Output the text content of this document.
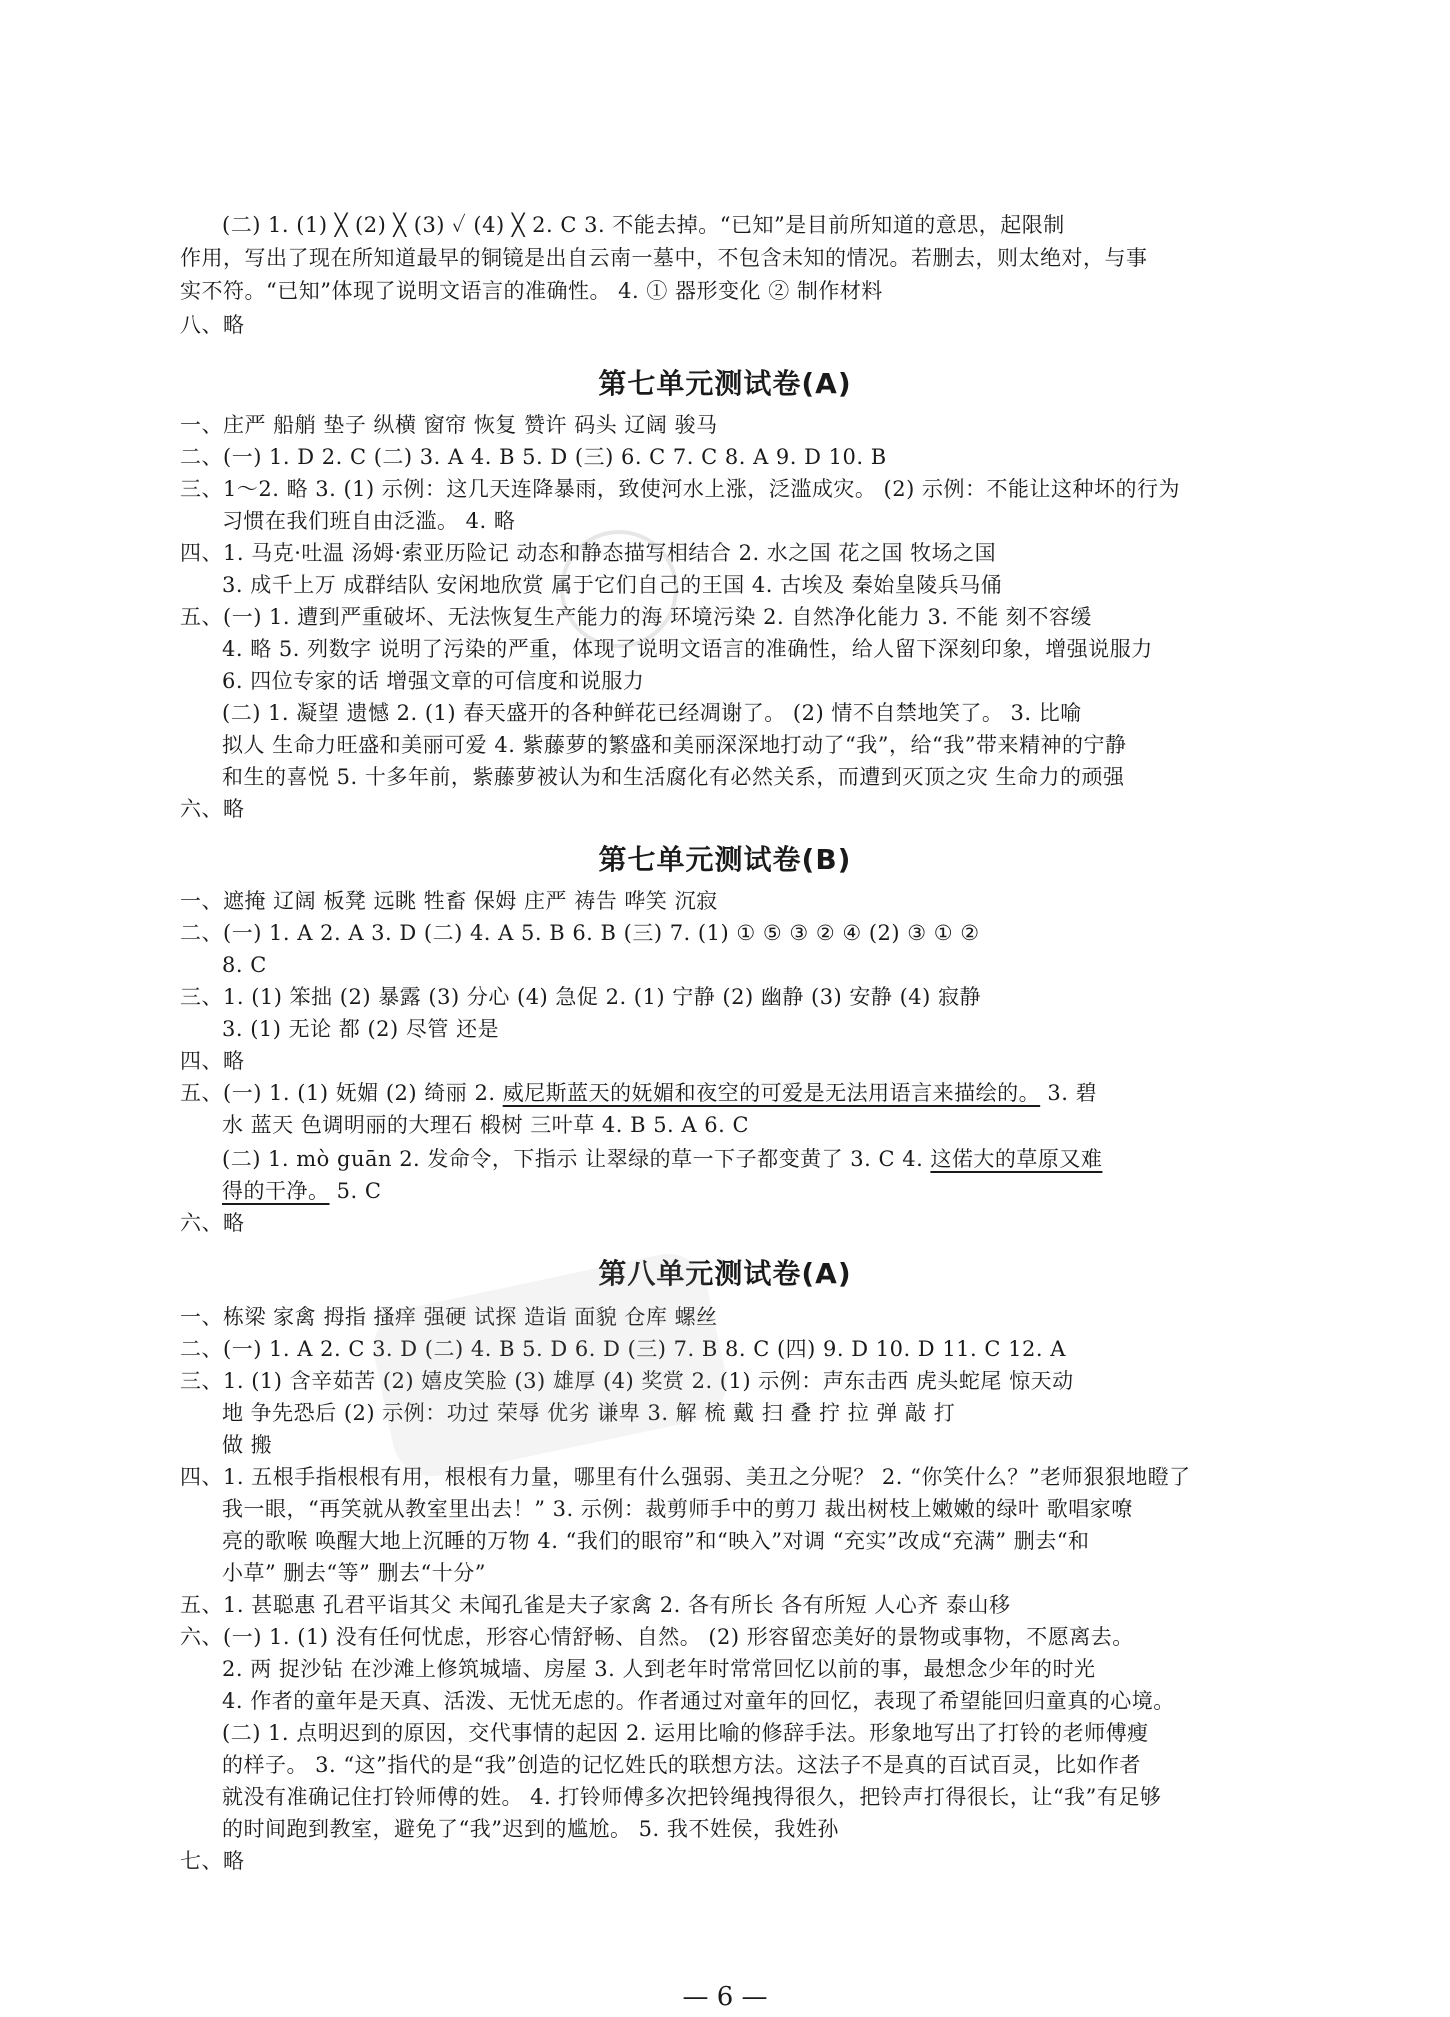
(二) 1. (1) ╳ (2) ╳ (3) ✓ (4) ╳ 2. C 3. 不能去掉。“已知”是目前所知道的意思，起限制
作用，写出了现在所知道最早的铜镜是出自云南一墓中，不包含未知的情况。若删去，则太绝对，与事
实不符。“已知”体现了说明文语言的准确性。 4. ① 器形变化 ② 制作材料
八、略
第七单元测试卷(A)
一、庄严 船艄 垫子 纵横 窗帘 恢复 赞许 码头 辽阔 骏马
二、(一) 1. D 2. C (二) 3. A 4. B 5. D (三) 6. C 7. C 8. A 9. D 10. B
三、1～2. 略 3. (1) 示例：这几天连降暴雨，致使河水上涨，泛滥成灾。 (2) 示例：不能让这种坏的行为
习惯在我们班自由泛滥。 4. 略
四、1. 马克·吐温 汤姆·索亚历险记 动态和静态描写相结合 2. 水之国 花之国 牧场之国
3. 成千上万 成群结队 安闲地欣赏 属于它们自己的王国 4. 古埃及 秦始皇陵兵马俑
五、(一) 1. 遭到严重破坏、无法恢复生产能力的海 环境污染 2. 自然净化能力 3. 不能 刻不容缓
4. 略 5. 列数字 说明了污染的严重，体现了说明文语言的准确性，给人留下深刻印象，增强说服力
6. 四位专家的话 增强文章的可信度和说服力
(二) 1. 凝望 遗憾 2. (1) 春天盛开的各种鲜花已经凋谢了。 (2) 情不自禁地笑了。 3. 比喻
拟人 生命力旺盛和美丽可爱 4. 紫藤萝的繁盛和美丽深深地打动了“我”，给“我”带来精神的宁静
和生的喜悦 5. 十多年前，紫藤萝被认为和生活腐化有必然关系，而遭到灭顶之灾 生命力的顽强
六、略
第七单元测试卷(B)
一、遮掩 辽阔 板凳 远眺 牲畜 保姆 庄严 祷告 哗笑 沉寂
二、(一) 1. A 2. A 3. D (二) 4. A 5. B 6. B (三) 7. (1) ① ⑤ ③ ② ④ (2) ③ ① ②
8. C
三、1. (1) 笨拙 (2) 暴露 (3) 分心 (4) 急促 2. (1) 宁静 (2) 幽静 (3) 安静 (4) 寂静
3. (1) 无论 都 (2) 尽管 还是
四、略
五、(一) 1. (1) 妩媚 (2) 绮丽 2. 威尼斯蓝天的妩媚和夜空的可爱是无法用语言来描绘的。 3. 碧
水 蓝天 色调明丽的大理石 椴树 三叶草 4. B 5. A 6. C
(二) 1. mò guān 2. 发命令，下指示 让翠绿的草一下子都变黄了 3. C 4. 这偌大的草原又难
得的干净。 5. C
六、略
第八单元测试卷(A)
一、栋梁 家禽 拇指 搔痒 强硬 试探 造诣 面貌 仓库 螺丝
二、(一) 1. A 2. C 3. D (二) 4. B 5. D 6. D (三) 7. B 8. C (四) 9. D 10. D 11. C 12. A
三、1. (1) 含辛茹苦 (2) 嬉皮笑脸 (3) 雄厚 (4) 奖赏 2. (1) 示例：声东击西 虎头蛇尾 惊天动
地 争先恐后 (2) 示例：功过 荣辱 优劣 谦卑 3. 解 梳 戴 扫 叠 拧 拉 弹 敲 打
做 搬
四、1. 五根手指根根有用，根根有力量，哪里有什么强弱、美丑之分呢？ 2. “你笑什么？”老师狠狠地瞪了
我一眼，“再笑就从教室里出去！” 3. 示例：裁剪师手中的剪刀 裁出树枝上嫩嫩的绿叶 歌唱家嘹
亮的歌喉 唤醒大地上沉睡的万物 4. “我们的眼帘”和“映入”对调 “充实”改成“充满” 删去“和
小草” 删去“等” 删去“十分”
五、1. 甚聪惠 孔君平诣其父 未闻孔雀是夫子家禽 2. 各有所长 各有所短 人心齐 泰山移
六、(一) 1. (1) 没有任何忧虑，形容心情舒畅、自然。 (2) 形容留恋美好的景物或事物，不愿离去。
2. 两 捉沙钻 在沙滩上修筑城墙、房屋 3. 人到老年时常常回忆以前的事，最想念少年的时光
4. 作者的童年是天真、活泼、无忧无虑的。作者通过对童年的回忆，表现了希望能回归童真的心境。
(二) 1. 点明迟到的原因，交代事情的起因 2. 运用比喻的修辞手法。形象地写出了打铃的老师傅瘦
的样子。 3. “这”指代的是“我”创造的记忆姓氏的联想方法。这法子不是真的百试百灵，比如作者
就没有准确记住打铃师傅的姓。 4. 打铃师傅多次把铃绳拽得很久，把铃声打得很长，让“我”有足够
的时间跑到教室，避免了“我”迟到的尴尬。 5. 我不姓侯，我姓孙
七、略
— 6 —
